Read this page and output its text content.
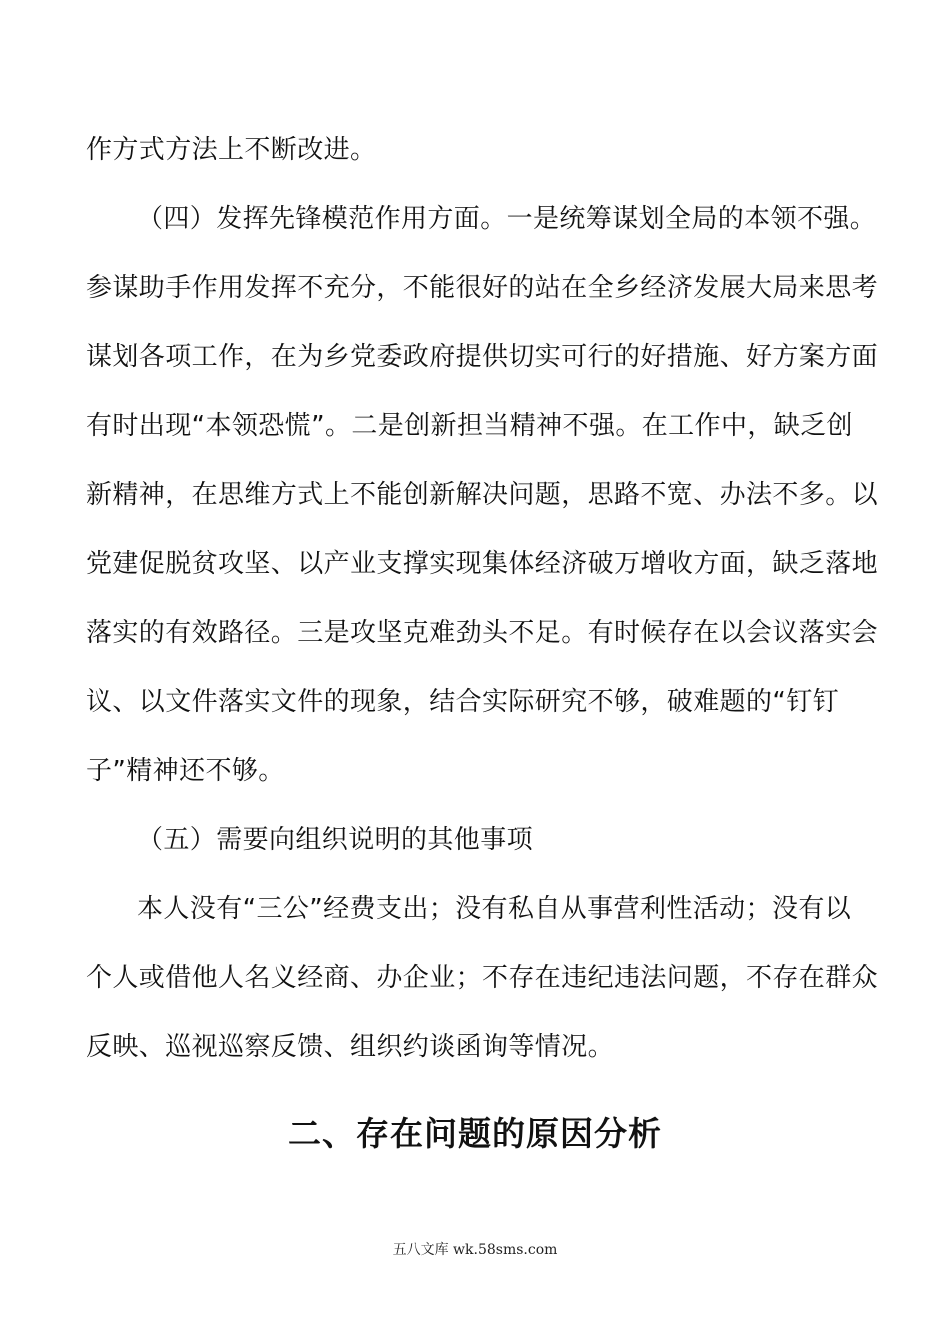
作方式方法上不断改进。
（四）发挥先锋模范作用方面。一是统筹谋划全局的本领不强。
参谋助手作用发挥不充分，不能很好的站在全乡经济发展大局来思考
谋划各项工作，在为乡党委政府提供切实可行的好措施、好方案方面
有时出现“本领恐慌”。二是创新担当精神不强。在工作中，缺乏创
新精神，在思维方式上不能创新解决问题，思路不宽、办法不多。以
党建促脱贫攻坚、以产业支撑实现集体经济破万增收方面，缺乏落地
落实的有效路径。三是攻坚克难劲头不足。有时候存在以会议落实会
议、以文件落实文件的现象，结合实际研究不够，破难题的“钉钉
子”精神还不够。
（五）需要向组织说明的其他事项
本人没有“三公”经费支出；没有私自从事营利性活动；没有以
个人或借他人名义经商、办企业；不存在违纪违法问题，不存在群众
反映、巡视巡察反馈、组织约谈函询等情况。
二、存在问题的原因分析
五八文库 wk.58sms.com
